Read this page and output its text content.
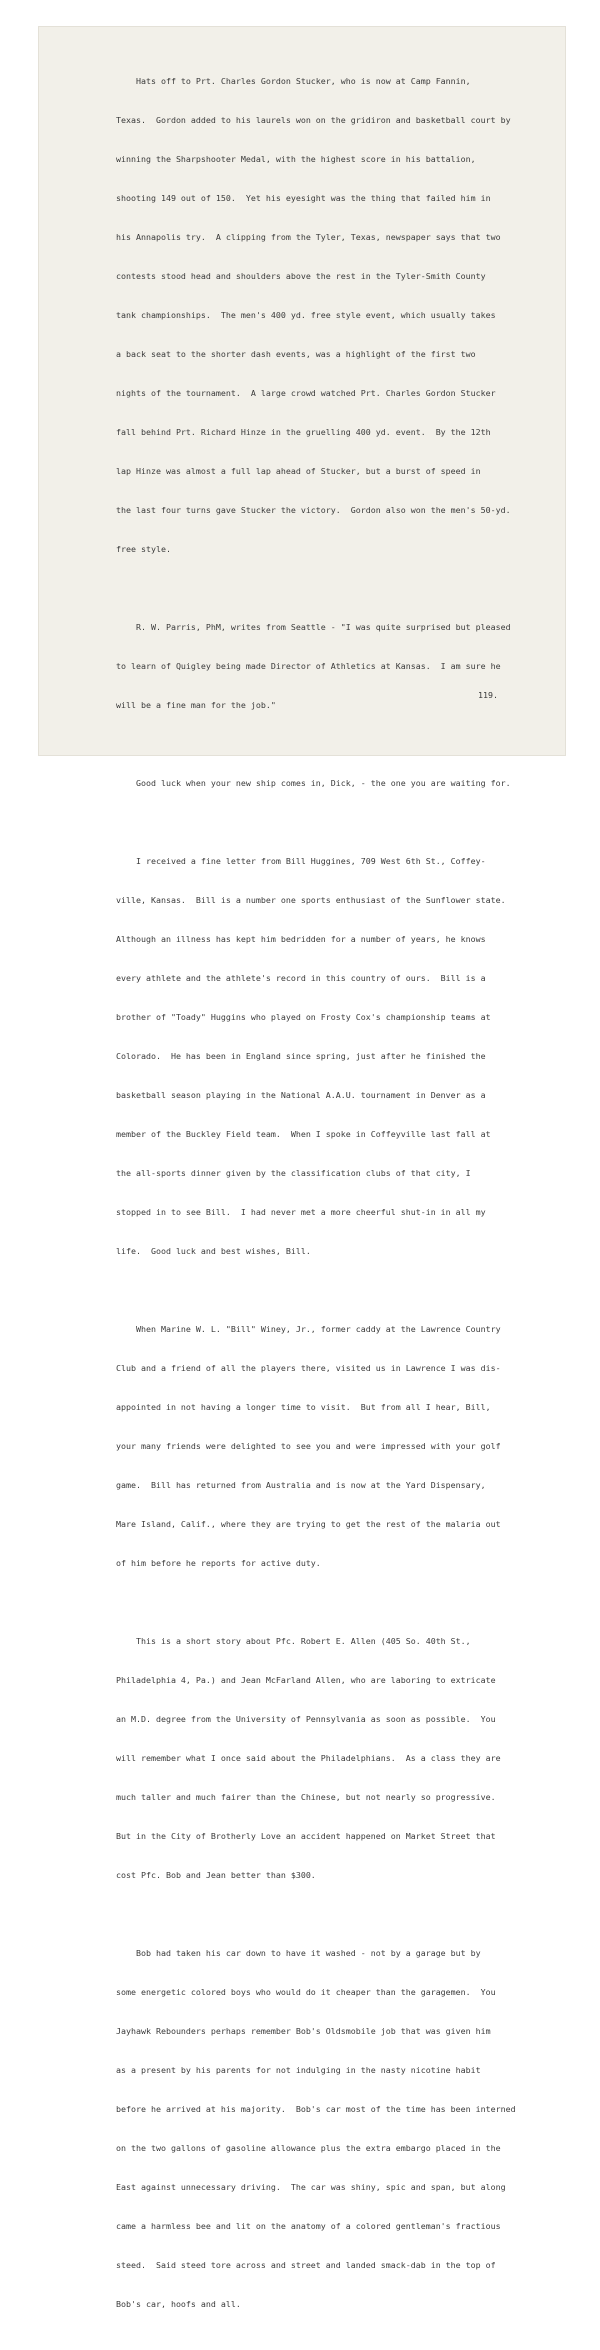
Hats off to Prt. Charles Gordon Stucker, who is now at Camp Fannin,

Texas.  Gordon added to his laurels won on the gridiron and basketball court by

winning the Sharpshooter Medal, with the highest score in his battalion,

shooting 149 out of 150.  Yet his eyesight was the thing that failed him in

his Annapolis try.  A clipping from the Tyler, Texas, newspaper says that two

contests stood head and shoulders above the rest in the Tyler-Smith County

tank championships.  The men's 400 yd. free style event, which usually takes

a back seat to the shorter dash events, was a highlight of the first two

nights of the tournament.  A large crowd watched Prt. Charles Gordon Stucker

fall behind Prt. Richard Hinze in the gruelling 400 yd. event.  By the 12th

lap Hinze was almost a full lap ahead of Stucker, but a burst of speed in

the last four turns gave Stucker the victory.  Gordon also won the men's 50-yd.

free style.

R. W. Parris, PhM, writes from Seattle - "I was quite surprised but pleased

to learn of Quigley being made Director of Athletics at Kansas.  I am sure he

will be a fine man for the job."

Good luck when your new ship comes in, Dick, - the one you are waiting for.

I received a fine letter from Bill Huggines, 709 West 6th St., Coffey-

ville, Kansas.  Bill is a number one sports enthusiast of the Sunflower state.

Although an illness has kept him bedridden for a number of years, he knows

every athlete and the athlete's record in this country of ours.  Bill is a

brother of "Toady" Huggins who played on Frosty Cox's championship teams at

Colorado.  He has been in England since spring, just after he finished the

basketball season playing in the National A.A.U. tournament in Denver as a

member of the Buckley Field team.  When I spoke in Coffeyville last fall at

the all-sports dinner given by the classification clubs of that city, I

stopped in to see Bill.  I had never met a more cheerful shut-in in all my

life.  Good luck and best wishes, Bill.

When Marine W. L. "Bill" Winey, Jr., former caddy at the Lawrence Country

Club and a friend of all the players there, visited us in Lawrence I was dis-

appointed in not having a longer time to visit.  But from all I hear, Bill,

your many friends were delighted to see you and were impressed with your golf

game.  Bill has returned from Australia and is now at the Yard Dispensary,

Mare Island, Calif., where they are trying to get the rest of the malaria out

of him before he reports for active duty.

This is a short story about Pfc. Robert E. Allen (405 So. 40th St.,

Philadelphia 4, Pa.) and Jean McFarland Allen, who are laboring to extricate

an M.D. degree from the University of Pennsylvania as soon as possible.  You

will remember what I once said about the Philadelphians.  As a class they are

much taller and much fairer than the Chinese, but not nearly so progressive.

But in the City of Brotherly Love an accident happened on Market Street that

cost Pfc. Bob and Jean better than $300.

Bob had taken his car down to have it washed - not by a garage but by

some energetic colored boys who would do it cheaper than the garagemen.  You

Jayhawk Rebounders perhaps remember Bob's Oldsmobile job that was given him

as a present by his parents for not indulging in the nasty nicotine habit

before he arrived at his majority.  Bob's car most of the time has been interned

on the two gallons of gasoline allowance plus the extra embargo placed in the

East against unnecessary driving.  The car was shiny, spic and span, but along

came a harmless bee and lit on the anatomy of a colored gentleman's fractious

steed.  Said steed tore across and street and landed smack-dab in the top of

Bob's car, hoofs and all.

119.
